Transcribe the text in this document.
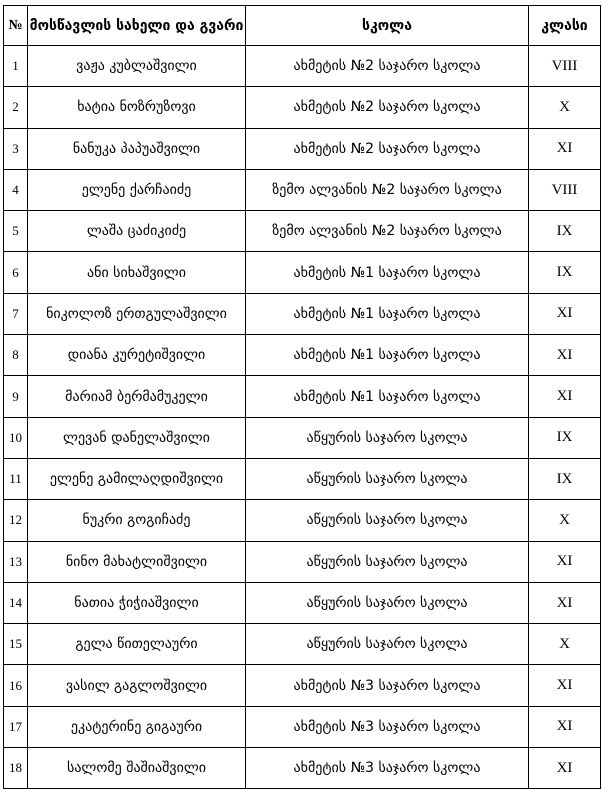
№	მოსწავლის სახელი და გვარი	სკოლა	კლასი
1	ვაჟა კუბლაშვილი	ახმეტის №2 საჯარო სკოლა	VIII
2	ხატია ნოზრუზოვი	ახმეტის №2 საჯარო სკოლა	X
3	ნანუკა პაპუაშვილი	ახმეტის №2 საჯარო სკოლა	XI
4	ელენე ქარჩაიძე	ზემო ალვანის №2 საჯარო სკოლა	VIII
5	ლაშა ცაძიკიძე	ზემო ალვანის №2 საჯარო სკოლა	IX
6	ანი სიხაშვილი	ახმეტის №1 საჯარო სკოლა	IX
7	ნიკოლოზ ერთგულაშვილი	ახმეტის №1 საჯარო სკოლა	XI
8	დიანა კურეტიშვილი	ახმეტის №1 საჯარო სკოლა	XI
9	მარიამ ბერმამუკელი	ახმეტის №1 საჯარო სკოლა	XI
10	ლევან დანელაშვილი	აწყურის საჯარო სკოლა	IX
11	ელენე გამილაღდიშვილი	აწყურის საჯარო სკოლა	IX
12	ნუკრი გოგიჩაძე	აწყურის საჯარო სკოლა	X
13	ნინო მახატლიშვილი	აწყურის საჯარო სკოლა	XI
14	ნათია ჭიჭიაშვილი	აწყურის საჯარო სკოლა	XI
15	გელა წითელაური	აწყურის საჯარო სკოლა	X
16	ვასილ გაგლოშვილი	ახმეტის №3 საჯარო სკოლა	XI
17	ეკატერინე გიგაური	ახმეტის №3 საჯარო სკოლა	XI
18	სალომე შაშიაშვილი	ახმეტის №3 საჯარო სკოლა	XI
